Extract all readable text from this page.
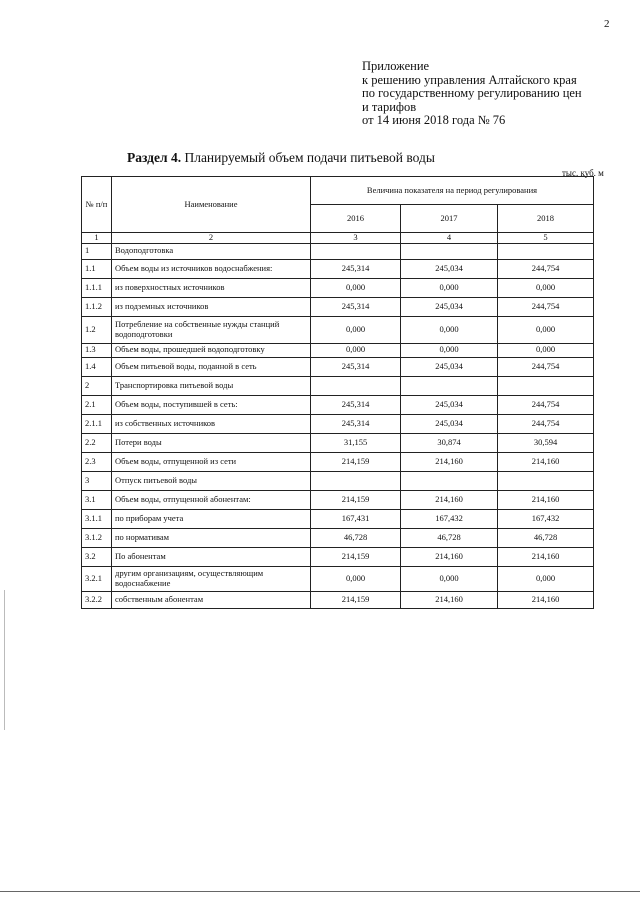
2
Приложение
к решению управления Алтайского края
по государственному регулированию цен
и тарифов
от 14 июня 2018 года № 76
Раздел 4. Планируемый объем подачи питьевой воды
тыс. куб. м
№ п/п	Наименование	Величина показателя на период регулирования		
		2016	2017	2018
1	2	3	4	5
1	Водоподготовка			
1.1	Объем воды из источников водоснабжения:	245,314	245,034	244,754
1.1.1	из поверхностных источников	0,000	0,000	0,000
1.1.2	из подземных источников	245,314	245,034	244,754
1.2	Потребление на собственные нужды станций водоподготовки	0,000	0,000	0,000
1.3	Объем воды, прошедшей водоподготовку	0,000	0,000	0,000
1.4	Объем питьевой воды, поданной в сеть	245,314	245,034	244,754
2	Транспортировка питьевой воды			
2.1	Объем воды, поступившей в сеть:	245,314	245,034	244,754
2.1.1	из собственных источников	245,314	245,034	244,754
2.2	Потери воды	31,155	30,874	30,594
2.3	Объем воды, отпущенной из сети	214,159	214,160	214,160
3	Отпуск питьевой воды			
3.1	Объем воды, отпущенной абонентам:	214,159	214,160	214,160
3.1.1	по приборам учета	167,431	167,432	167,432
3.1.2	по нормативам	46,728	46,728	46,728
3.2	По абонентам	214,159	214,160	214,160
3.2.1	другим организациям, осуществляющим водоснабжение	0,000	0,000	0,000
3.2.2	собственным абонентам	214,159	214,160	214,160
